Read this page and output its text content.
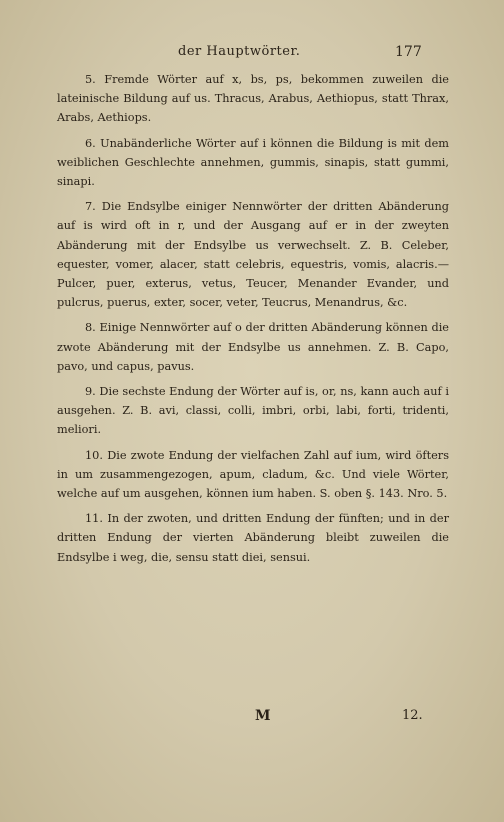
der Hauptwörter.	177

5. Fremde Wörter auf x, bs, ps, bekommen zuweilen die lateinische Bildung auf us. Thracus, Arabus, Aethiopus, statt Thrax, Arabs, Aethiops.

6. Unabänderliche Wörter auf i können die Bildung is mit dem weiblichen Geschlechte annehmen, gummis, sinapis, statt gummi, sinapi.

7. Die Endsylbe einiger Nennwörter der dritten Abänderung auf is wird oft in r, und der Ausgang auf er in der zweyten Abänderung mit der Endsylbe us verwechselt. Z. B. Celeber, equester, vomer, alacer, statt celebris, equestris, vomis, alacris.— Pulcer, puer, exterus, vetus, Teucer, Menander Evander, und pulcrus, puerus, exter, socer, veter, Teucrus, Menandrus, &c.

8. Einige Nennwörter auf o der dritten Abänderung können die zwote Abänderung mit der Endsylbe us annehmen. Z. B. Capo, pavo, und capus, pavus.

9. Die sechste Endung der Wörter auf is, or, ns, kann auch auf i ausgehen. Z. B. avi, classi, colli, imbri, orbi, labi, forti, tridenti, meliori.

10. Die zwote Endung der vielfachen Zahl auf ium, wird öfters in um zusammengezogen, apum, cladum, &c. Und viele Wörter, welche auf um ausgehen, können ium haben. S. oben §. 143. Nro. 5.

11. In der zwoten, und dritten Endung der fünften; und in der dritten Endung der vierten Abänderung bleibt zuweilen die Endsylbe i weg, die, sensu statt diei, sensui.

M	12.
